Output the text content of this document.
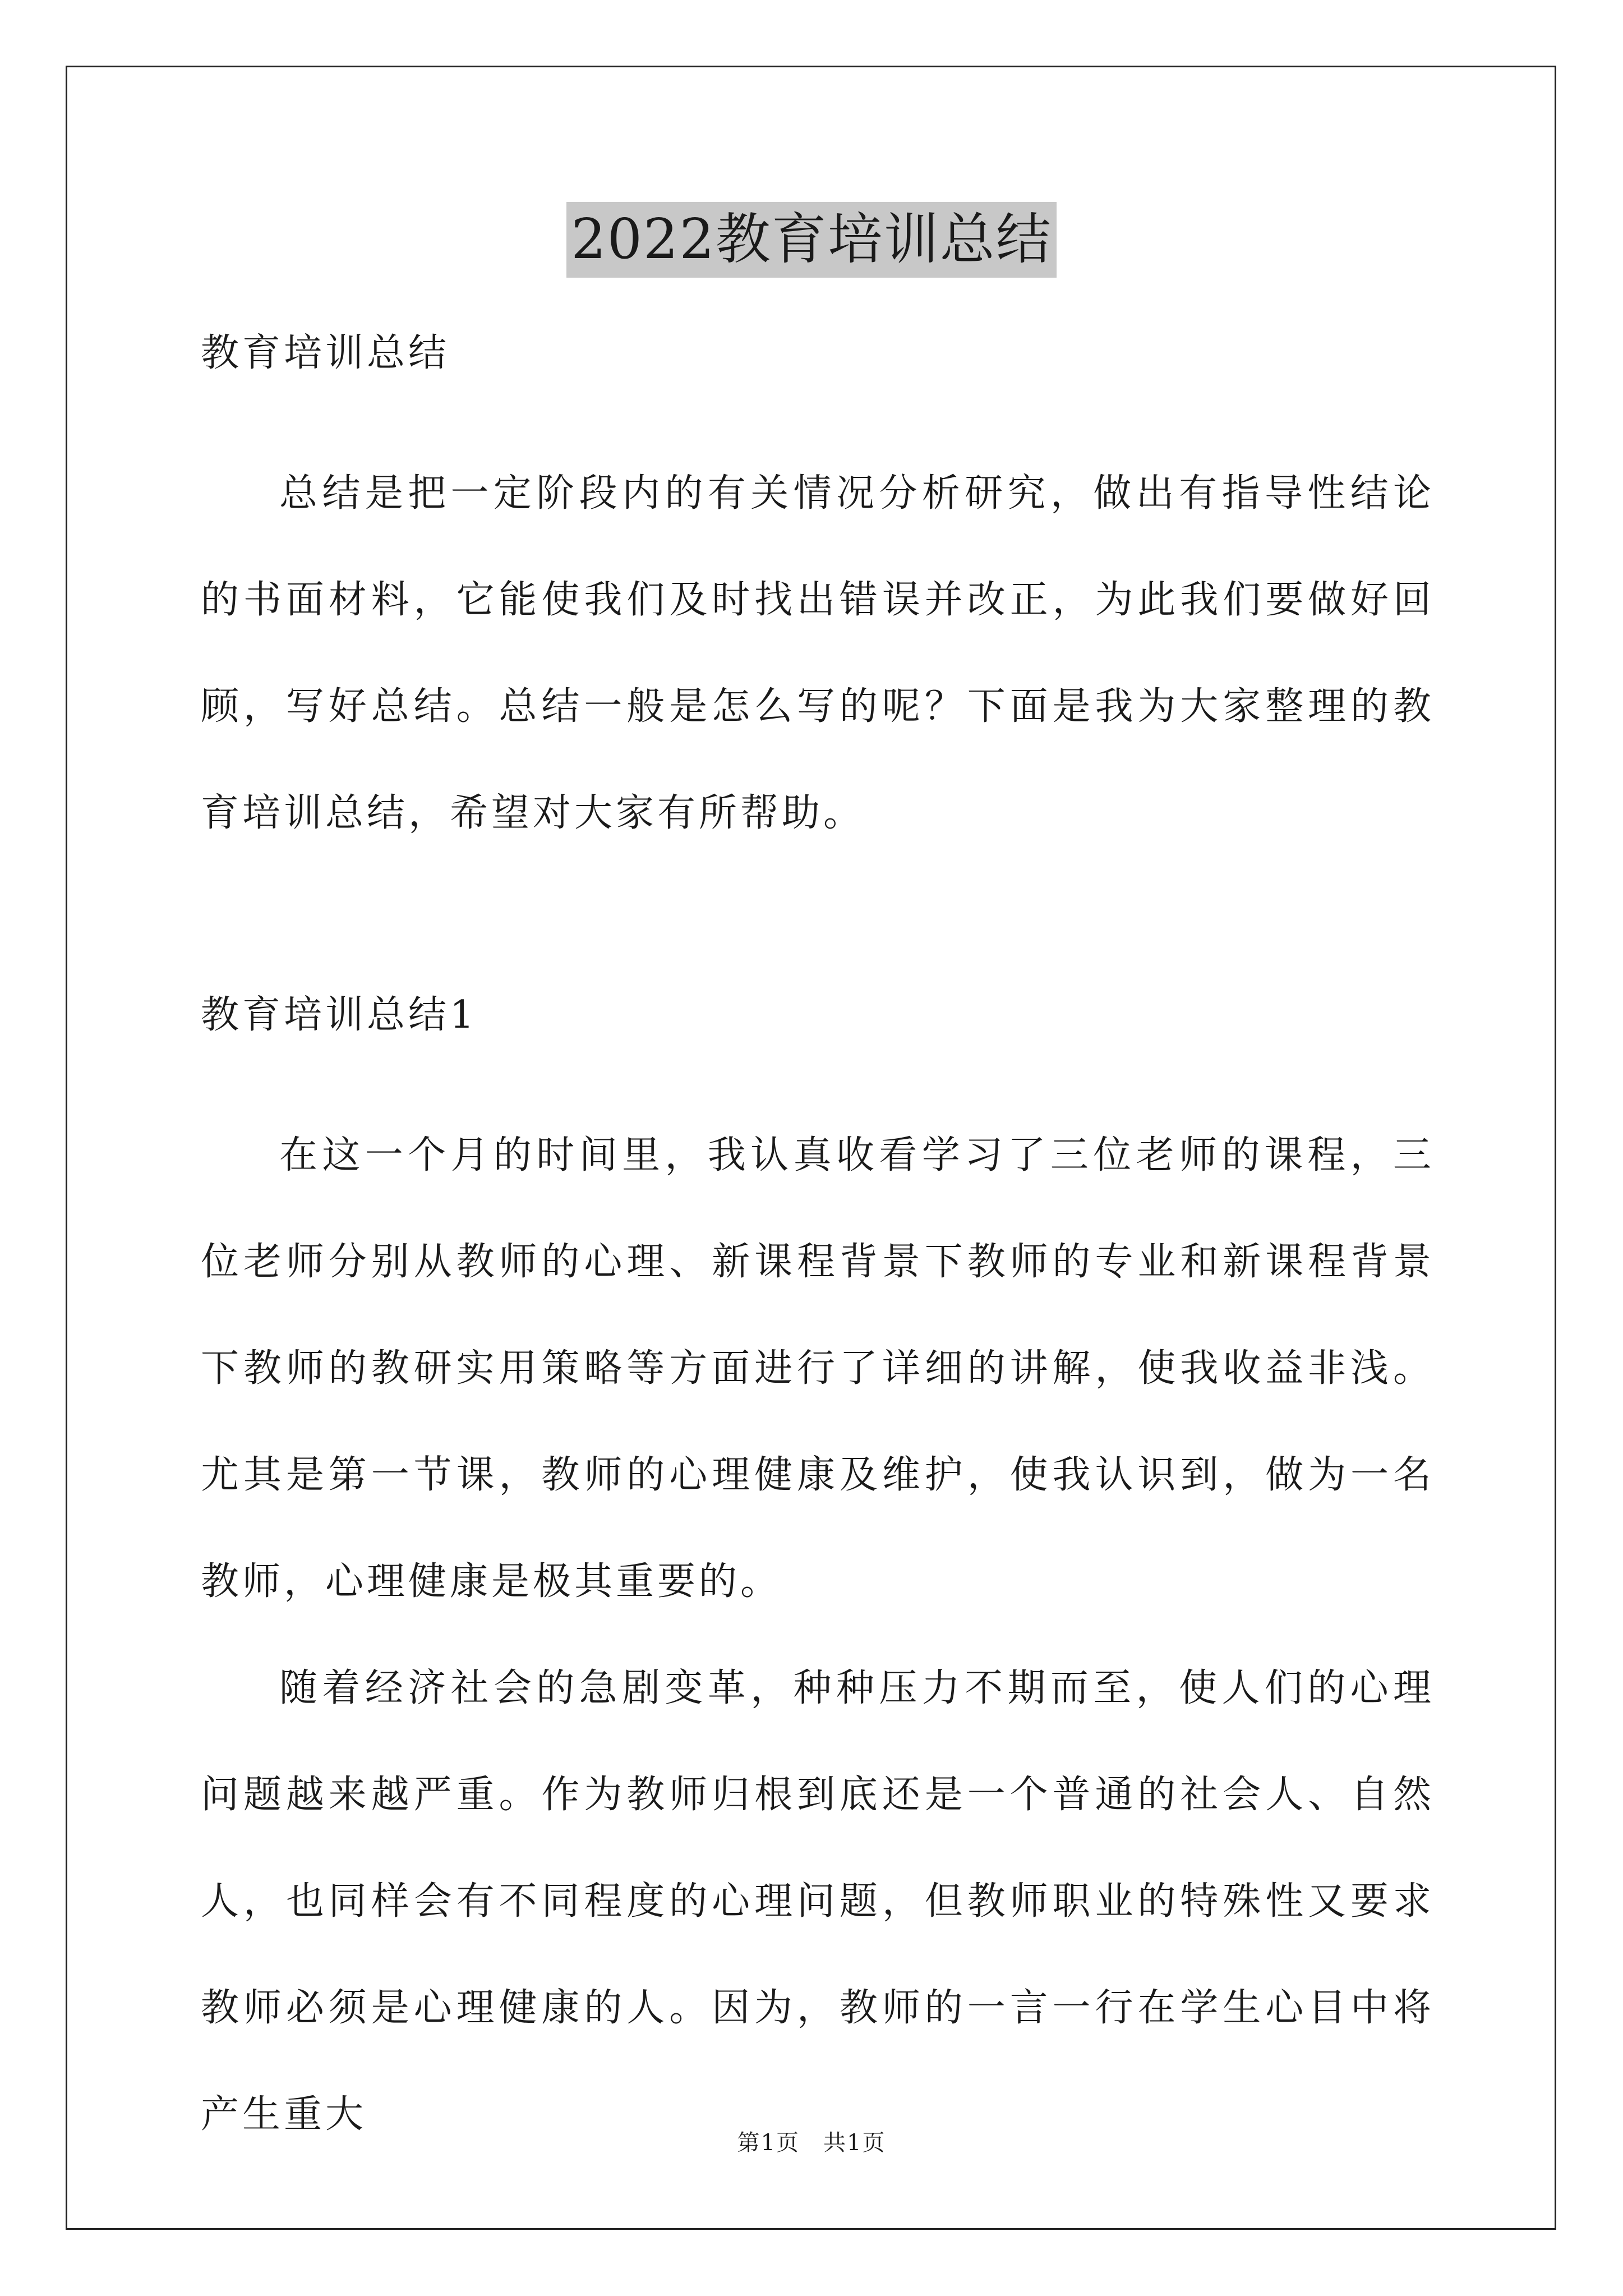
2022教育培训总结
教育培训总结

总结是把一定阶段内的有关情况分析研究，做出有指导性结论的书面材料，它能使我们及时找出错误并改正，为此我们要做好回顾，写好总结。总结一般是怎么写的呢？下面是我为大家整理的教育培训总结，希望对大家有所帮助。

教育培训总结1

在这一个月的时间里，我认真收看学习了三位老师的课程，三位老师分别从教师的心理、新课程背景下教师的专业和新课程背景下教师的教研实用策略等方面进行了详细的讲解，使我收益非浅。尤其是第一节课，教师的心理健康及维护，使我认识到，做为一名教师，心理健康是极其重要的。

随着经济社会的急剧变革，种种压力不期而至，使人们的心理问题越来越严重。作为教师归根到底还是一个普通的社会人、自然人，也同样会有不同程度的心理问题，但教师职业的特殊性又要求教师必须是心理健康的人。因为，教师的一言一行在学生心目中将产生重大

第1页　共1页
